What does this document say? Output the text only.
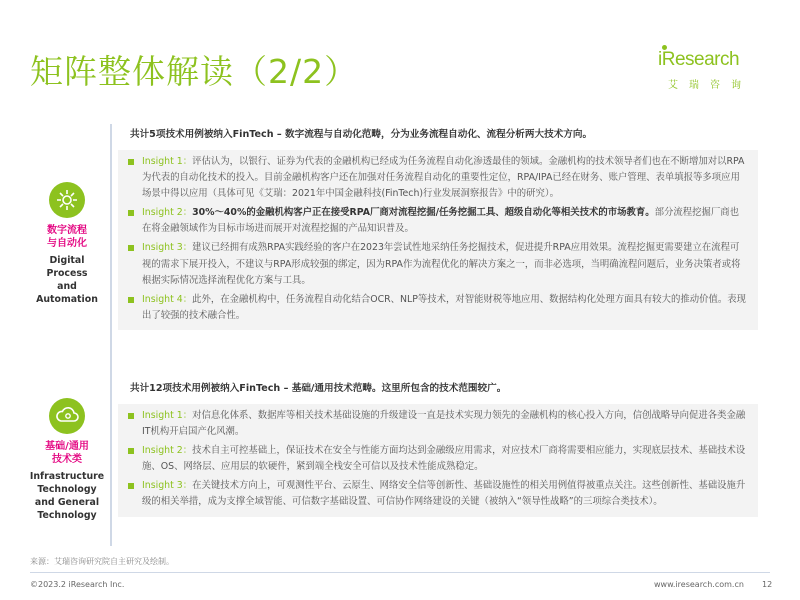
矩阵整体解读（2/2）	iResearch
艾瑞咨询
数字流程
与自动化
Digital
Process
and
Automation
共计5项技术用例被纳入FinTech – 数字流程与自动化范畴，分为业务流程自动化、流程分析两大技术方向。
Insight 1：评估认为，以银行、证券为代表的金融机构已经成为任务流程自动化渗透最佳的领域。金融机构的技术领导者们也在不断增加对以RPA为代表的自动化技术的投入。目前金融机构客户还在加强对任务流程自动化的重要性定位，RPA/IPA已经在财务、账户管理、表单填报等多项应用场景中得以应用（具体可见《艾瑞：2021年中国金融科技(FinTech)行业发展洞察报告》中的研究）。
Insight 2：30%～40%的金融机构客户正在接受RPA厂商对流程挖掘/任务挖掘工具、超级自动化等相关技术的市场教育。部分流程挖掘厂商也在将金融领域作为目标市场进而展开对流程挖掘的产品知识普及。
Insight 3：建议已经拥有成熟RPA实践经验的客户在2023年尝试性地采纳任务挖掘技术，促进提升RPA应用效果。流程挖掘更需要建立在流程可视的需求下展开投入，不建议与RPA形成较强的绑定，因为RPA作为流程优化的解决方案之一，而非必选项，当明确流程问题后，业务决策者或将根据实际情况选择流程优化方案与工具。
Insight 4：此外，在金融机构中，任务流程自动化结合OCR、NLP等技术，对智能财税等地应用、数据结构化处理方面具有较大的推动价值。表现出了较强的技术融合性。
基础/通用
技术类
Infrastructure
Technology
and General
Technology
共计12项技术用例被纳入FinTech – 基础/通用技术范畴。这里所包含的技术范围较广。
Insight 1：对信息化体系、数据库等相关技术基础设施的升级建设一直是技术实现力领先的金融机构的核心投入方向，信创战略导向促进各类金融IT机构开启国产化风潮。
Insight 2：技术自主可控基础上，保证技术在安全与性能方面均达到金融级应用需求，对应技术厂商将需要相应能力，实现底层技术、基础技术设施、OS、网络层、应用层的软硬件，紧到端全栈安全可信以及技术性能成熟稳定。
Insight 3：在关键技术方向上，可观测性平台、云原生、网络安全信等创新性、基础设施性的相关用例值得被重点关注。这些创新性、基础设施升级的相关举措，成为支撑全域智能、可信数字基础设置、可信协作网络建设的关键（被纳入“领导性战略”的三项综合类技术）。
来源：艾瑞咨询研究院自主研究及绘制。
©2023.2 iResearch Inc.	www.iresearch.com.cn 12
